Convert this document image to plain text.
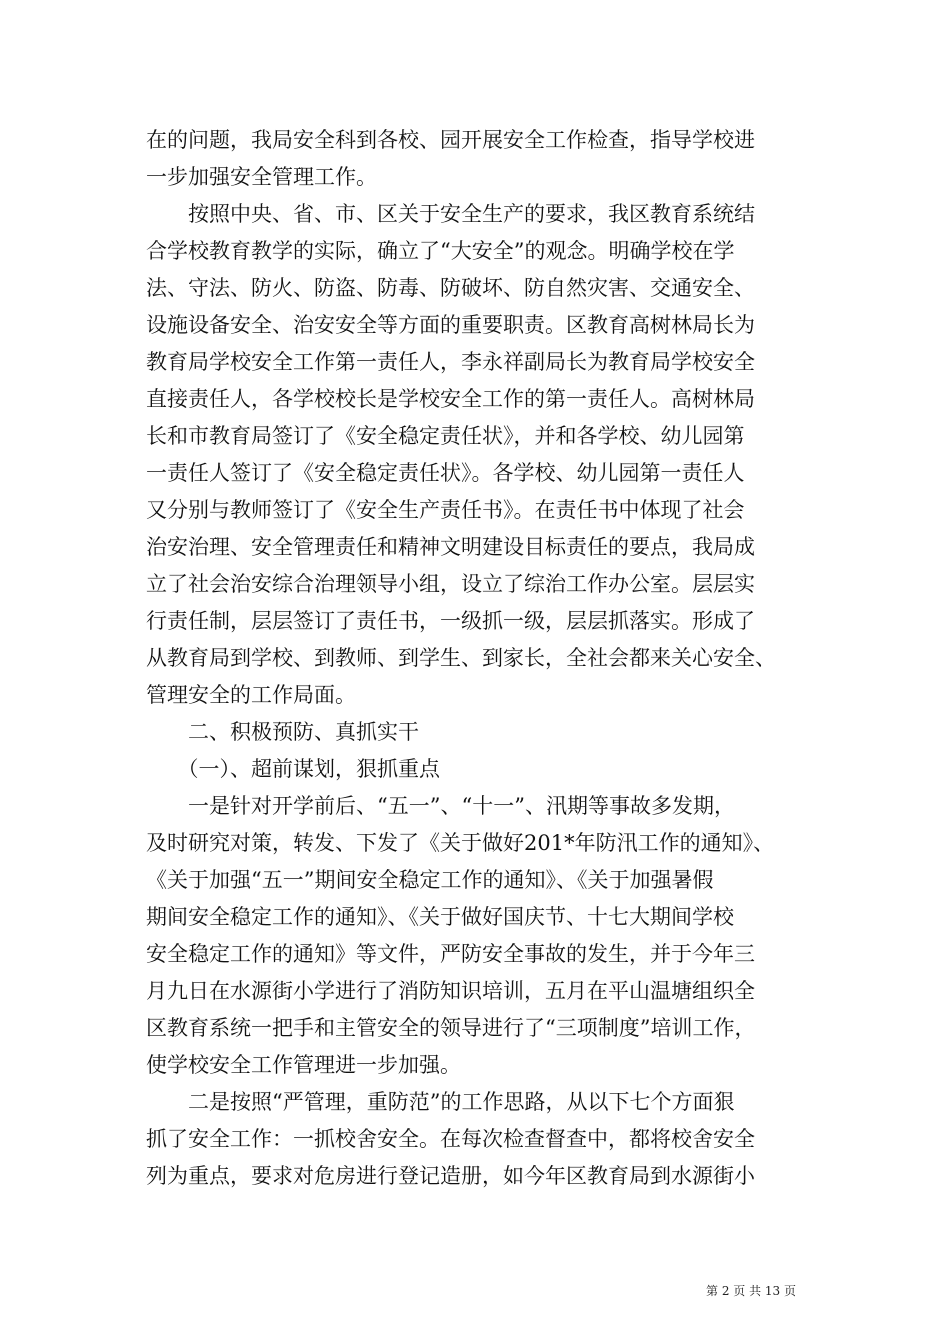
在的问题，我局安全科到各校、园开展安全工作检查，指导学校进
一步加强安全管理工作。
　　按照中央、省、市、区关于安全生产的要求，我区教育系统结
合学校教育教学的实际，确立了“大安全”的观念。明确学校在学
法、守法、防火、防盗、防毒、防破坏、防自然灾害、交通安全、
设施设备安全、治安安全等方面的重要职责。区教育高树林局长为
教育局学校安全工作第一责任人，李永祥副局长为教育局学校安全
直接责任人，各学校校长是学校安全工作的第一责任人。高树林局
长和市教育局签订了《安全稳定责任状》，并和各学校、幼儿园第
一责任人签订了《安全稳定责任状》。各学校、幼儿园第一责任人
又分别与教师签订了《安全生产责任书》。在责任书中体现了社会
治安治理、安全管理责任和精神文明建设目标责任的要点，我局成
立了社会治安综合治理领导小组，设立了综治工作办公室。层层实
行责任制，层层签订了责任书，一级抓一级，层层抓落实。形成了
从教育局到学校、到教师、到学生、到家长，全社会都来关心安全、
管理安全的工作局面。
　　二、积极预防、真抓实干
　　（一）、超前谋划，狠抓重点
　　一是针对开学前后、“五一”、“十一”、汛期等事故多发期，
及时研究对策，转发、下发了《关于做好201*年防汛工作的通知》、
《关于加强“五一”期间安全稳定工作的通知》、《关于加强暑假
期间安全稳定工作的通知》、《关于做好国庆节、十七大期间学校
安全稳定工作的通知》等文件，严防安全事故的发生，并于今年三
月九日在水源街小学进行了消防知识培训，五月在平山温塘组织全
区教育系统一把手和主管安全的领导进行了“三项制度”培训工作，
使学校安全工作管理进一步加强。
　　二是按照“严管理，重防范”的工作思路，从以下七个方面狠
抓了安全工作：一抓校舍安全。在每次检查督查中，都将校舍安全
列为重点，要求对危房进行登记造册，如今年区教育局到水源街小
第 2 页 共 13 页
